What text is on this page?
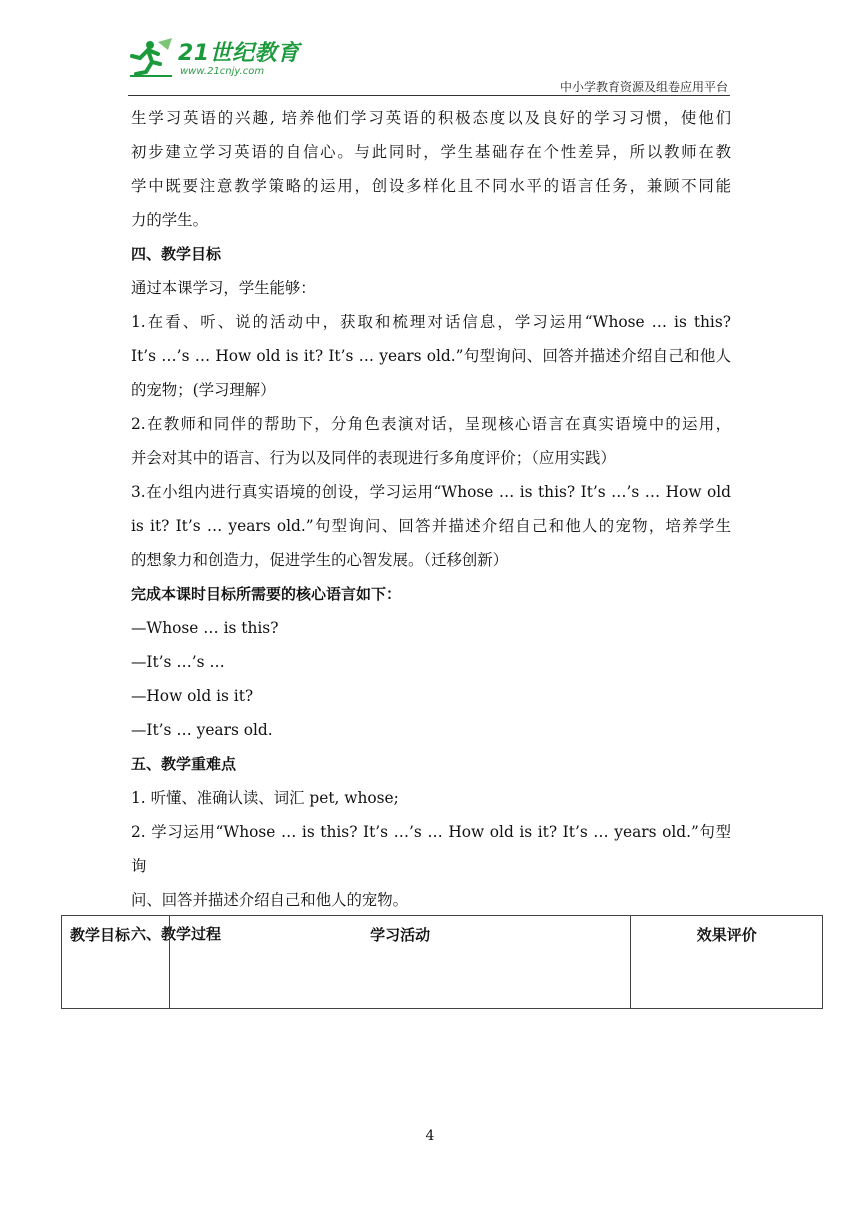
21世纪教育
www.21cnjy.com
中小学教育资源及组卷应用平台

生学习英语的兴趣, 培养他们学习英语的积极态度以及良好的学习习惯，使他们

初步建立学习英语的自信心。与此同时，学生基础存在个性差异，所以教师在教

学中既要注意教学策略的运用，创设多样化且不同水平的语言任务，兼顾不同能

力的学生。

四、教学目标

通过本课学习，学生能够：

1.在看、听、说的活动中，获取和梳理对话信息，学习运用“Whose … is this?

It’s …’s … How old is it? It’s … years old.”句型询问、回答并描述介绍自己和他人

的宠物；(学习理解）

2.在教师和同伴的帮助下，分角色表演对话，呈现核心语言在真实语境中的运用，

并会对其中的语言、行为以及同伴的表现进行多角度评价；（应用实践）

3.在小组内进行真实语境的创设，学习运用“Whose … is this? It’s …’s … How old

is it? It’s … years old.”句型询问、回答并描述介绍自己和他人的宠物，培养学生

的想象力和创造力，促进学生的心智发展。（迁移创新）

完成本课时目标所需要的核心语言如下：

—Whose … is this?

—It’s …’s …

—How old is it?

—It’s … years old.

五、教学重难点

1. 听懂、准确认读、词汇 pet, whose;

2. 学习运用“Whose … is this? It’s …’s … How old is it? It’s … years old.”句型询

问、回答并描述介绍自己和他人的宠物。

六、教学过程

教学目标	学习活动	效果评价
4
